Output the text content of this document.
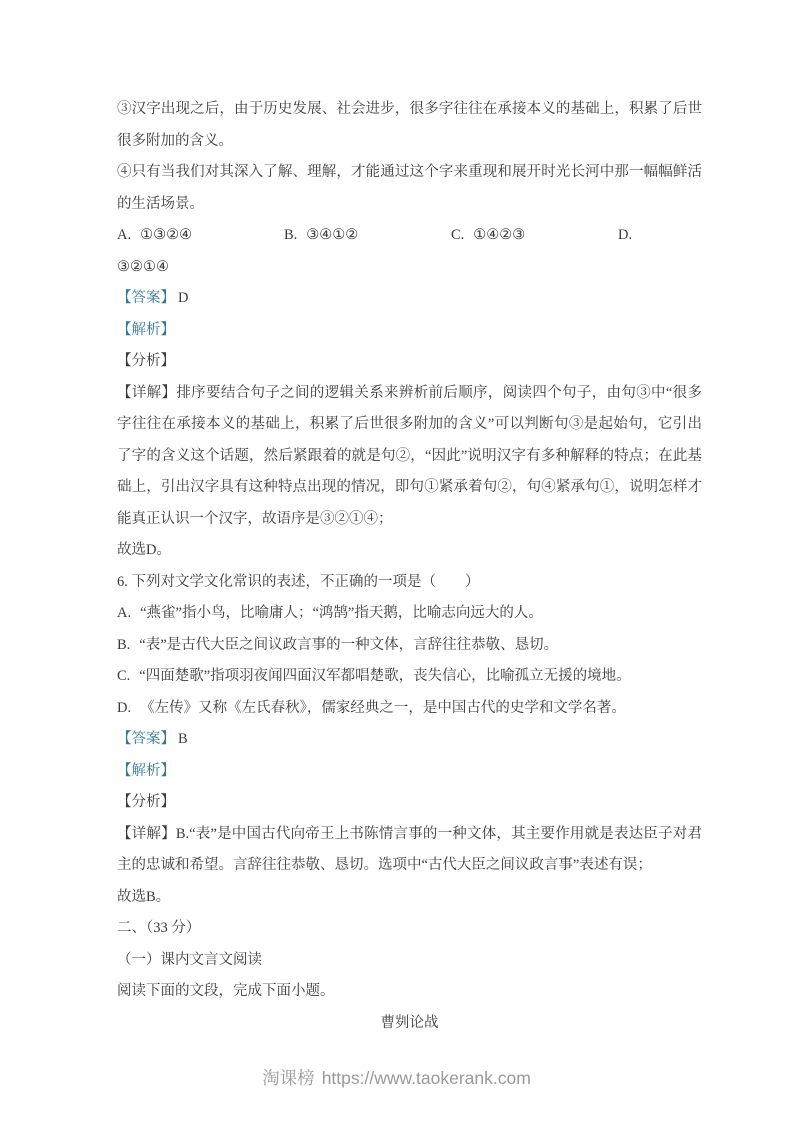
③汉字出现之后，由于历史发展、社会进步，很多字往往在承接本义的基础上，积累了后世很多附加的含义。

④只有当我们对其深入了解、理解，才能通过这个字来重现和展开时光长河中那一幅幅鲜活的生活场景。

A. ①③②④	B. ③④①②	C. ①④②③	D.

③②①④

【答案】 D

【解析】

【分析】

【详解】排序要结合句子之间的逻辑关系来辨析前后顺序，阅读四个句子，由句③中“很多字往往在承接本义的基础上，积累了后世很多附加的含义”可以判断句③是起始句，它引出了字的含义这个话题，然后紧跟着的就是句②，“因此”说明汉字有多种解释的特点；在此基础上，引出汉字具有这种特点出现的情况，即句①紧承着句②，句④紧承句①，说明怎样才能真正认识一个汉字，故语序是③②①④；

故选D。

6. 下列对文学文化常识的表述，不正确的一项是（　　）

A. “燕雀”指小鸟，比喻庸人；“鸿鹄”指天鹅，比喻志向远大的人。

B. “表”是古代大臣之间议政言事的一种文体，言辞往往恭敬、恳切。

C. “四面楚歌”指项羽夜闻四面汉军都唱楚歌，丧失信心，比喻孤立无援的境地。

D. 《左传》又称《左氏春秋》，儒家经典之一，是中国古代的史学和文学名著。

【答案】 B

【解析】

【分析】

【详解】B.“表”是中国古代向帝王上书陈情言事的一种文体，其主要作用就是表达臣子对君主的忠诚和希望。言辞往往恭敬、恳切。选项中“古代大臣之间议政言事”表述有误；

故选B。

二、（33 分）

（一）课内文言文阅读

阅读下面的文段，完成下面小题。

曹刿论战

淘课榜 https://www.taokerank.com
